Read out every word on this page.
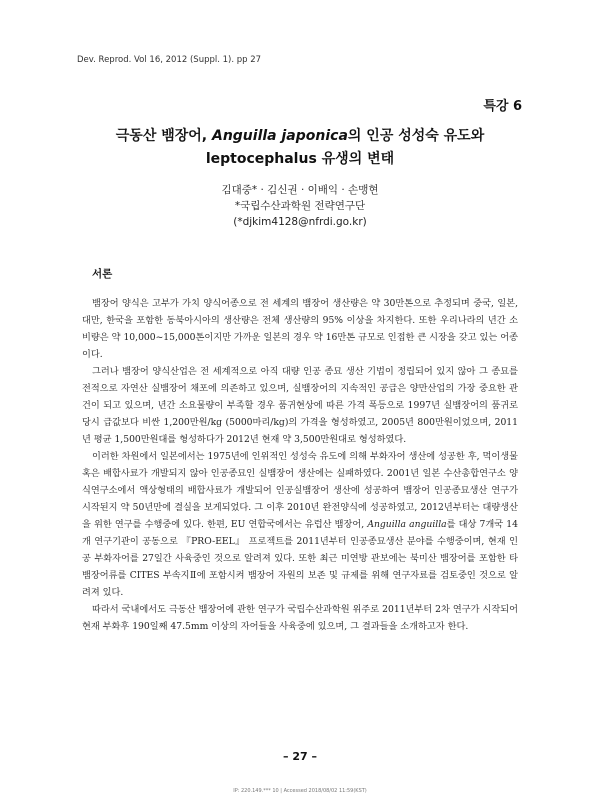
Dev. Reprod. Vol 16, 2012 (Suppl. 1). pp 27
특강 6
극동산 뱀장어, Anguilla japonica의 인공 성성숙 유도와
leptocephalus 유생의 변태
김대중* · 김신권 · 이배익 · 손맹현
*국립수산과학원 전략연구단
(*djkim4128@nfrdi.go.kr)
서론

뱀장어 양식은 고부가 가치 양식어종으로 전 세계의 뱀장어 생산량은 약 30만톤으로 추정되며 중국, 일본, 대만, 한국을 포함한 동북아시아의 생산량은 전체 생산량의 95% 이상을 차지한다. 또한 우리나라의 년간 소비량은 약 10,000~15,000톤이지만 가까운 일본의 경우 약 16만톤 규모로 인접한 큰 시장을 갖고 있는 어종이다.

그러나 뱀장어 양식산업은 전 세계적으로 아직 대량 인공 종묘 생산 기법이 정립되어 있지 않아 그 종묘를 전적으로 자연산 실뱀장어 채포에 의존하고 있으며, 실뱀장어의 지속적인 공급은 양만산업의 가장 중요한 관건이 되고 있으며, 년간 소요물량이 부족할 경우 품귀현상에 따른 가격 폭등으로 1997년 실뱀장어의 품귀로 당시 급값보다 비싼 1,200만원/kg (5000마리/kg)의 가격을 형성하였고, 2005년 800만원이었으며, 2011년 평균 1,500만원대를 형성하다가 2012년 현재 약 3,500만원대로 형성하였다.

이러한 차원에서 일본에서는 1975년에 인위적인 성성숙 유도에 의해 부화자어 생산에 성공한 후, 먹이생물 혹은 배합사료가 개발되지 않아 인공종묘인 실뱀장어 생산에는 실패하였다. 2001년 일본 수산총합연구소 양식연구소에서 액상형태의 배합사료가 개발되어 인공실뱀장어 생산에 성공하여 뱀장어 인공종묘생산 연구가 시작된지 약 50년만에 결실을 보게되었다. 그 이후 2010년 완전양식에 성공하였고, 2012년부터는 대량생산을 위한 연구를 수행중에 있다. 한편, EU 연합국에서는 유럽산 뱀장어, Anguilla anguilla를 대상 7개국 14개 연구기관이 공동으로 『PRO-EEL』 프로젝트를 2011년부터 인공종묘생산 분야를 수행중이며, 현재 인공 부화자어를 27일간 사육중인 것으로 알려져 있다. 또한 최근 미연방 관보에는 북미산 뱀장어를 포함한 타 뱀장어류를 CITES 부속지Ⅱ에 포함시켜 뱀장어 자원의 보존 및 규제를 위해 연구자료를 검토중인 것으로 알려져 있다.

따라서 국내에서도 극동산 뱀장어에 관한 연구가 국립수산과학원 위주로 2011년부터 2차 연구가 시작되어 현재 부화후 190일째 47.5mm 이상의 자어들을 사육중에 있으며, 그 결과들을 소개하고자 한다.

– 27 –
IP: 220.149.*** 10 | Accessed 2018/08/02 11:59(KST)
